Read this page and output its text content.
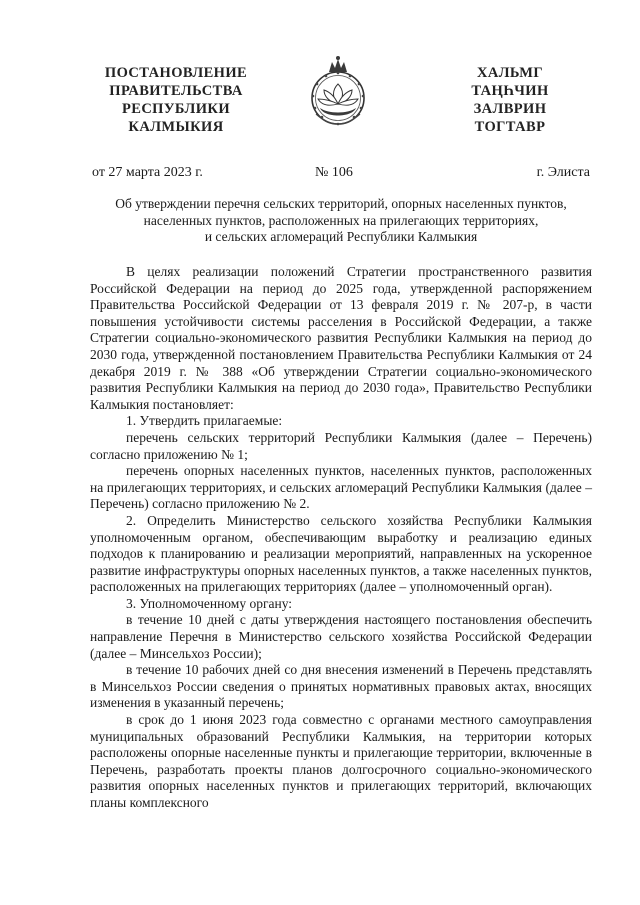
ПОСТАНОВЛЕНИЕ
ПРАВИТЕЛЬСТВА
РЕСПУБЛИКИ
КАЛМЫКИЯ
ХАЛЬМГ
ТАҢҺЧИН
ЗАЛВРИН
ТОГТАВР
от 27 марта 2023 г.	№ 106	г. Элиста
Об утверждении перечня сельских территорий, опорных населенных пунктов,
населенных пунктов, расположенных на прилегающих территориях,
и сельских агломераций Республики Калмыкия

В целях реализации положений Стратегии пространственного развития Российской Федерации на период до 2025 года, утвержденной распоряжением Правительства Российской Федерации от 13 февраля 2019 г. № 207-р, в части повышения устойчивости системы расселения в Российской Федерации, а также Стратегии социально-экономического развития Республики Калмыкия на период до 2030 года, утвержденной постановлением Правительства Республики Калмыкия от 24 декабря 2019 г. № 388 «Об утверждении Стратегии социально-экономического развития Республики Калмыкия на период до 2030 года», Правительство Республики Калмыкия постановляет:

1. Утвердить прилагаемые:

перечень сельских территорий Республики Калмыкия (далее – Перечень) согласно приложению № 1;

перечень опорных населенных пунктов, населенных пунктов, расположенных на прилегающих территориях, и сельских агломераций Республики Калмыкия (далее – Перечень) согласно приложению № 2.

2. Определить Министерство сельского хозяйства Республики Калмыкия уполномоченным органом, обеспечивающим выработку и реализацию единых подходов к планированию и реализации мероприятий, направленных на ускоренное развитие инфраструктуры опорных населенных пунктов, а также населенных пунктов, расположенных на прилегающих территориях (далее – уполномоченный орган).

3. Уполномоченному органу:

в течение 10 дней с даты утверждения настоящего постановления обеспечить направление Перечня в Министерство сельского хозяйства Российской Федерации (далее – Минсельхоз России);

в течение 10 рабочих дней со дня внесения изменений в Перечень представлять в Минсельхоз России сведения о принятых нормативных правовых актах, вносящих изменения в указанный перечень;

в срок до 1 июня 2023 года совместно с органами местного самоуправления муниципальных образований Республики Калмыкия, на территории которых расположены опорные населенные пункты и прилегающие территории, включенные в Перечень, разработать проекты планов долгосрочного социально-экономического развития опорных населенных пунктов и прилегающих территорий, включающих планы комплексного
